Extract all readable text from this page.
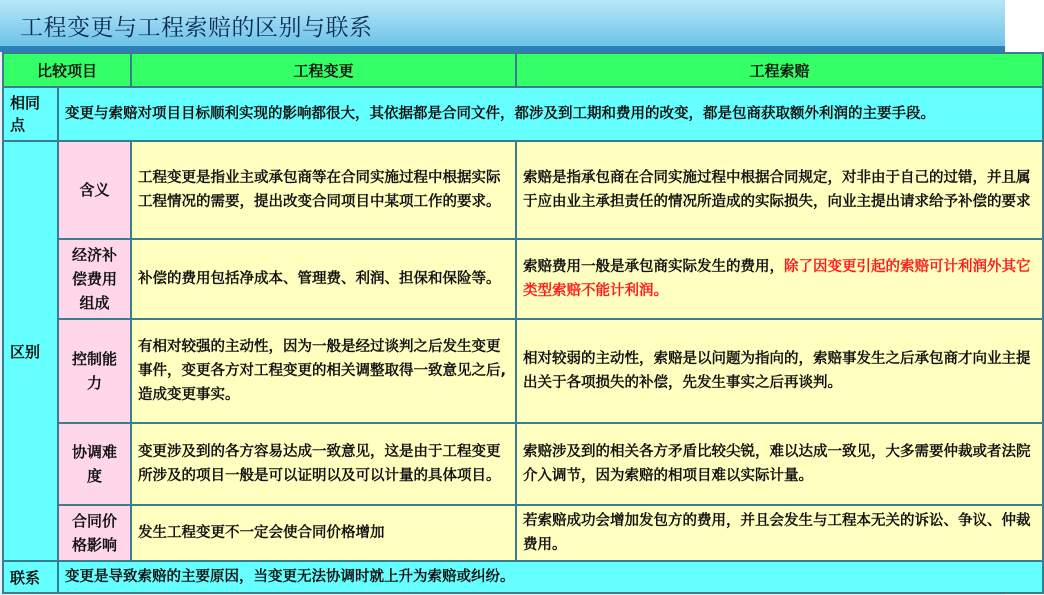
工程变更与工程索赔的区别与联系
比较项目		工程变更	工程索赔
相同点	变更与索赔对项目目标顺利实现的影响都很大，其依据都是合同文件，都涉及到工期和费用的改变，都是包商获取额外利润的主要手段。		
区别	含义	工程变更是指业主或承包商等在合同实施过程中根据实际工程情况的需要，提出改变合同项目中某项工作的要求。	索赔是指承包商在合同实施过程中根据合同规定，对非由于自己的过错，并且属于应由业主承担责任的情况所造成的实际损失，向业主提出请求给予补偿的要求
	经济补偿费用组成	补偿的费用包括净成本、管理费、利润、担保和保险等。	索赔费用一般是承包商实际发生的费用，除了因变更引起的索赔可计利润外其它类型索赔不能计利润。
	控制能力	有相对较强的主动性，因为一般是经过谈判之后发生变更事件，变更各方对工程变更的相关调整取得一致意见之后,造成变更事实。	相对较弱的主动性，索赔是以问题为指向的，索赔事发生之后承包商才向业主提出关于各项损失的补偿，先发生事实之后再谈判。
	协调难度	变更涉及到的各方容易达成一致意见，这是由于工程变更所涉及的项目一般是可以证明以及可以计量的具体项目。	索赔涉及到的相关各方矛盾比较尖锐，难以达成一致见，大多需要仲裁或者法院介入调节，因为索赔的相项目难以实际计量。
	合同价格影响	发生工程变更不一定会使合同价格增加	若索赔成功会增加发包方的费用，并且会发生与工程本无关的诉讼、争议、仲裁费用。
联系	变更是导致索赔的主要原因，当变更无法协调时就上升为索赔或纠纷。		
